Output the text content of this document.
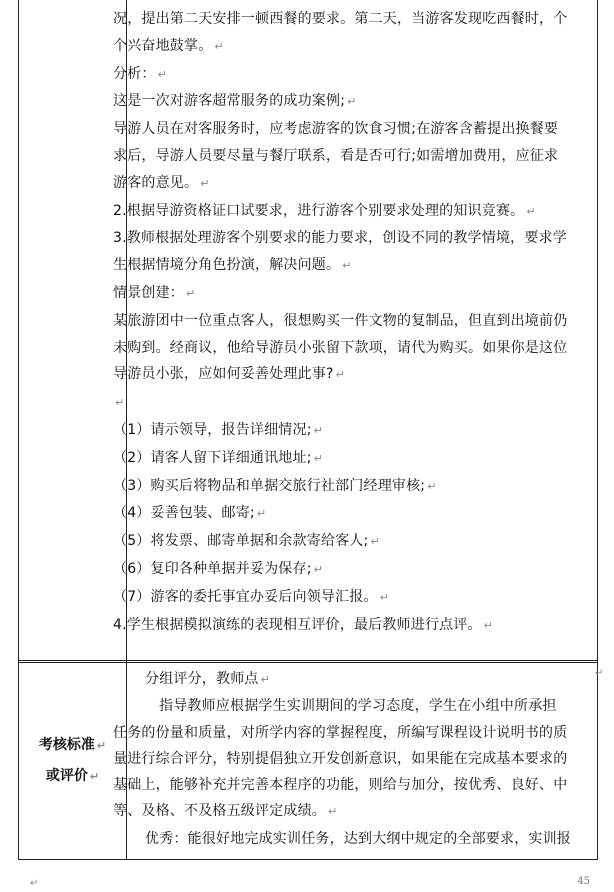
考核标准 ↵
或评价 ↵

况，提出第二天安排一顿西餐的要求。第二天，当游客发现吃西餐时，个

个兴奋地鼓掌。 ↵

分析： ↵

这是一次对游客超常服务的成功案例; ↵

导游人员在对客服务时，应考虑游客的饮食习惯;在游客含蓄提出换餐要

求后，导游人员要尽量与餐厅联系，看是否可行;如需增加费用，应征求

游客的意见。 ↵

2.根据导游资格证口试要求，进行游客个别要求处理的知识竞赛。 ↵

3.教师根据处理游客个别要求的能力要求，创设不同的教学情境，要求学

生根据情境分角色扮演，解决问题。 ↵

情景创建： ↵

某旅游团中一位重点客人，很想购买一件文物的复制品，但直到出境前仍

未购到。经商议，他给导游员小张留下款项，请代为购买。如果你是这位

导游员小张，应如何妥善处理此事? ↵

↵

（1）请示领导，报告详细情况; ↵

（2）请客人留下详细通讯地址; ↵

（3）购买后将物品和单据交旅行社部门经理审核; ↵

（4）妥善包装、邮寄; ↵

（5）将发票、邮寄单据和余款寄给客人; ↵

（6）复印各种单据并妥为保存; ↵

（7）游客的委托事宜办妥后向领导汇报。 ↵

4.学生根据模拟演练的表现相互评价，最后教师进行点评。 ↵

分组评分，教师点 ↵

指导教师应根据学生实训期间的学习态度，学生在小组中所承担

任务的份量和质量，对所学内容的掌握程度，所编写课程设计说明书的质

量进行综合评分，特别提倡独立开发创新意识，如果能在完成基本要求的

基础上，能够补充并完善本程序的功能，则给与加分，按优秀、良好、中

等、及格、不及格五级评定成绩。 ↵

优秀：能很好地完成实训任务，达到大纲中规定的全部要求，实训报

↵
↵	45
